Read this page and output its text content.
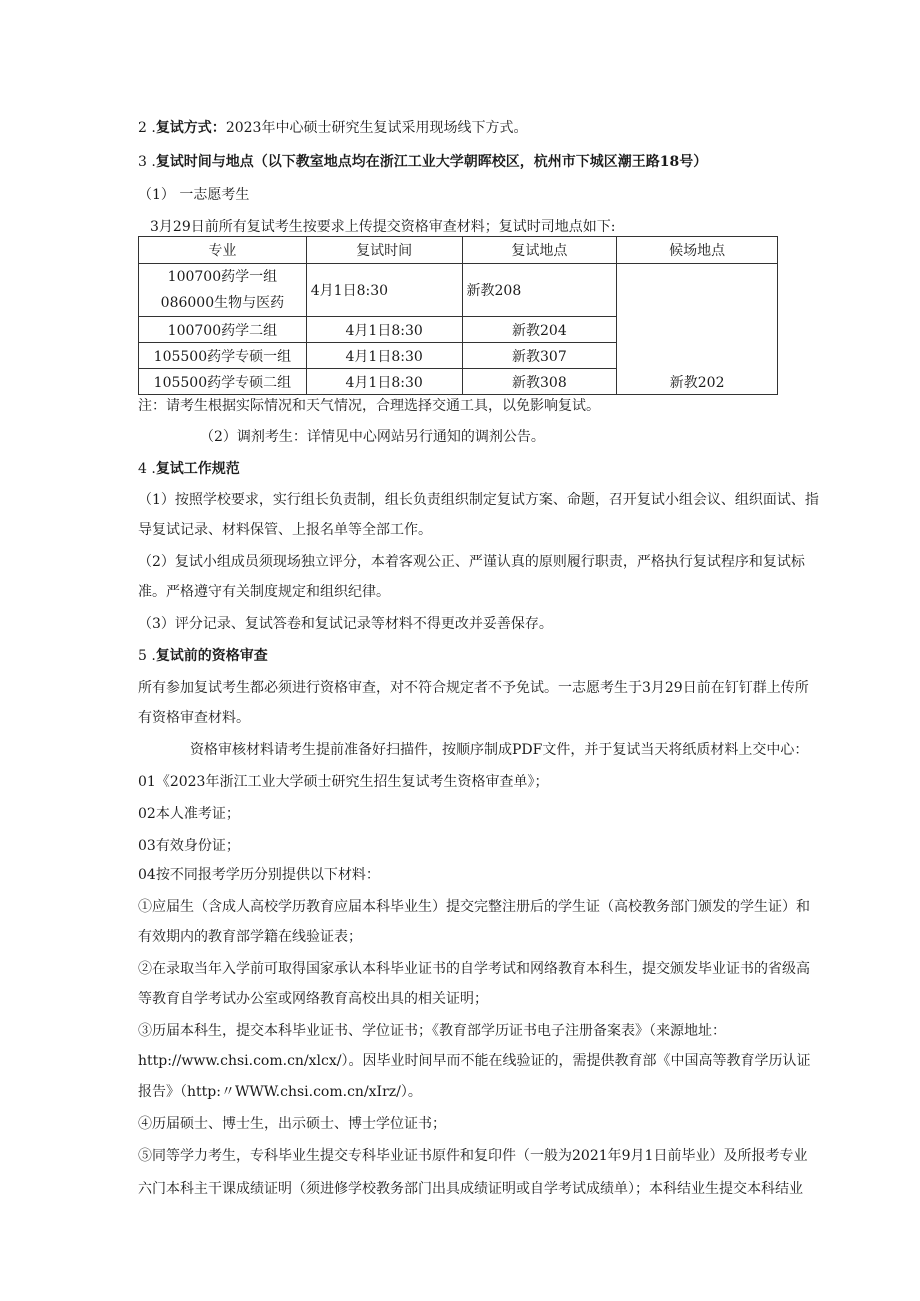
2 .复试方式：2023年中心硕士研究生复试采用现场线下方式。
3 .复试时间与地点（以下教室地点均在浙江工业大学朝晖校区，杭州市下城区潮王路18号）
（1） 一志愿考生
3月29日前所有复试考生按要求上传提交资格审查材料；复试时司地点如下:
专业	复试时间	复试地点	候场地点

100700药学一组
086000生物与医药	4月1日8:30	新教208	新教202
100700药学二组	4月1日8:30	新教204	
105500药学专硕一组	4月1日8:30	新教307	
105500药学专硕二组	4月1日8:30	新教308	
注：请考生根据实际情况和天气情况，合理选择交通工具，以免影响复试。
（2）调剂考生：详情见中心网站另行通知的调剂公告。
4 .复试工作规范
（1）按照学校要求，实行组长负责制，组长负责组织制定复试方案、命题，召开复试小组会议、组织面试、指
导复试记录、材料保管、上报名单等全部工作。
（2）复试小组成员须现场独立评分，本着客观公正、严谨认真的原则履行职责，严格执行复试程序和复试标
准。严格遵守有关制度规定和组织纪律。
（3）评分记录、复试答卷和复试记录等材料不得更改并妥善保存。
5 .复试前的资格审查
所有参加复试考生都必须进行资格审查，对不符合规定者不予免试。一志愿考生于3月29日前在钉钉群上传所
有资格审查材料。
资格审核材料请考生提前准备好扫描件，按顺序制成PDF文件，并于复试当天将纸质材料上交中心：
01《2023年浙江工业大学硕士研究生招生复试考生资格审查单》；
02本人准考证；
03有效身份证；
04按不同报考学历分别提供以下材料：
①应届生（含成人高校学历教育应届本科毕业生）提交完整注册后的学生证（高校教务部门颁发的学生证）和
有效期内的教育部学籍在线验证表；
②在录取当年入学前可取得国家承认本科毕业证书的自学考试和网络教育本科生，提交颁发毕业证书的省级高
等教育自学考试办公室或网络教育高校出具的相关证明；
③历届本科生，提交本科毕业证书、学位证书；《教育部学历证书电子注册备案表》（来源地址：
http://www.chsi.com.cn/xlcx/）。因毕业时间早而不能在线验证的，需提供教育部《中国高等教育学历认证
报告》（http:〃WWW.chsi.com.cn/xIrz/）。
④历届硕士、博士生，出示硕士、博士学位证书；
⑤同等学力考生，专科毕业生提交专科毕业证书原件和复印件（一般为2021年9月1日前毕业）及所报考专业
六门本科主干课成绩证明（须进修学校教务部门出具成绩证明或自学考试成绩单）；本科结业生提交本科结业
